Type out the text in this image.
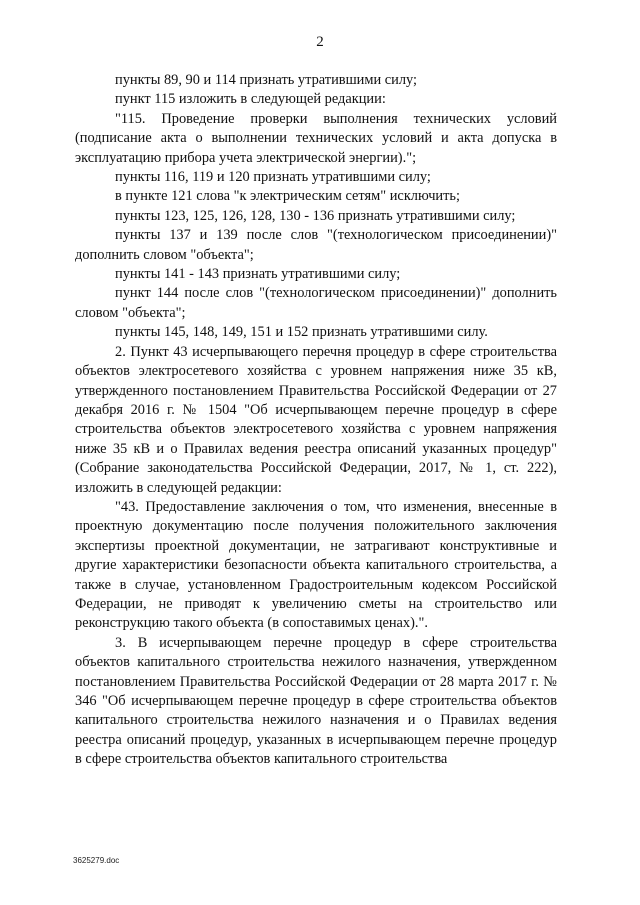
2

пункты 89, 90 и 114 признать утратившими силу;

пункт 115 изложить в следующей редакции:

"115. Проведение проверки выполнения технических условий (подписание акта о выполнении технических условий и акта допуска в эксплуатацию прибора учета электрической энергии).";

пункты 116, 119 и 120 признать утратившими силу;

в пункте 121 слова "к электрическим сетям" исключить;

пункты 123, 125, 126, 128, 130 - 136 признать утратившими силу;

пункты 137 и 139 после слов "(технологическом присоединении)" дополнить словом "объекта";

пункты 141 - 143 признать утратившими силу;

пункт 144 после слов "(технологическом присоединении)" дополнить словом "объекта";

пункты 145, 148, 149, 151 и 152 признать утратившими силу.

2. Пункт 43 исчерпывающего перечня процедур в сфере строительства объектов электросетевого хозяйства с уровнем напряжения ниже 35 кВ, утвержденного постановлением Правительства Российской Федерации от 27 декабря 2016 г. № 1504 "Об исчерпывающем перечне процедур в сфере строительства объектов электросетевого хозяйства с уровнем напряжения ниже 35 кВ и о Правилах ведения реестра описаний указанных процедур" (Собрание законодательства Российской Федерации, 2017, № 1, ст. 222), изложить в следующей редакции:

"43. Предоставление заключения о том, что изменения, внесенные в проектную документацию после получения положительного заключения экспертизы проектной документации, не затрагивают конструктивные и другие характеристики безопасности объекта капитального строительства, а также в случае, установленном Градостроительным кодексом Российской Федерации, не приводят к увеличению сметы на строительство или реконструкцию такого объекта (в сопоставимых ценах).".

3. В исчерпывающем перечне процедур в сфере строительства объектов капитального строительства нежилого назначения, утвержденном постановлением Правительства Российской Федерации от 28 марта 2017 г. № 346 "Об исчерпывающем перечне процедур в сфере строительства объектов капитального строительства нежилого назначения и о Правилах ведения реестра описаний процедур, указанных в исчерпывающем перечне процедур в сфере строительства объектов капитального строительства

3625279.doc
